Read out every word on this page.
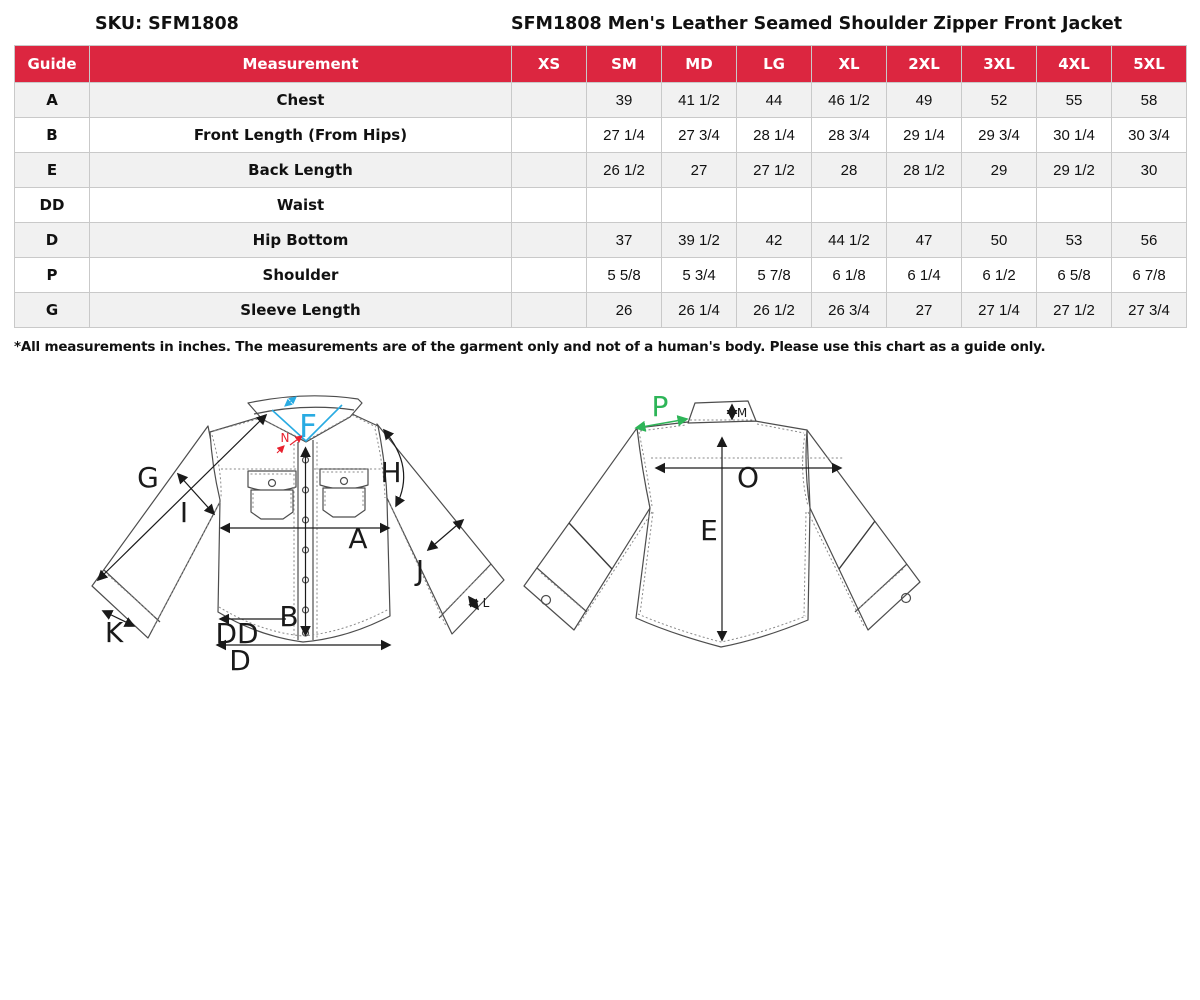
SKU: SFM1808	SFM1808 Men's Leather Seamed Shoulder Zipper Front Jacket
Guide	Measurement	XS	SM	MD	LG	XL	2XL	3XL	4XL	5XL
A	Chest		39	41 1/2	44	46 1/2	49	52	55	58
B	Front Length (From Hips)		27 1/4	27 3/4	28 1/4	28 3/4	29 1/4	29 3/4	30 1/4	30 3/4
E	Back Length		26 1/2	27	27 1/2	28	28 1/2	29	29 1/2	30
DD	Waist									
D	Hip Bottom		37	39 1/2	42	44 1/2	47	50	53	56
P	Shoulder		5 5/8	5 3/4	5 7/8	6 1/8	6 1/4	6 1/2	6 5/8	6 7/8
G	Sleeve Length		26	26 1/4	26 1/2	26 3/4	27	27 1/4	27 1/2	27 3/4
*All measurements in inches. The measurements are of the garment only and not of a human's body. Please use this chart as a guide only.
G
I
F
N
H
A
B
J
K
L
DD
D
P	M
O
E
